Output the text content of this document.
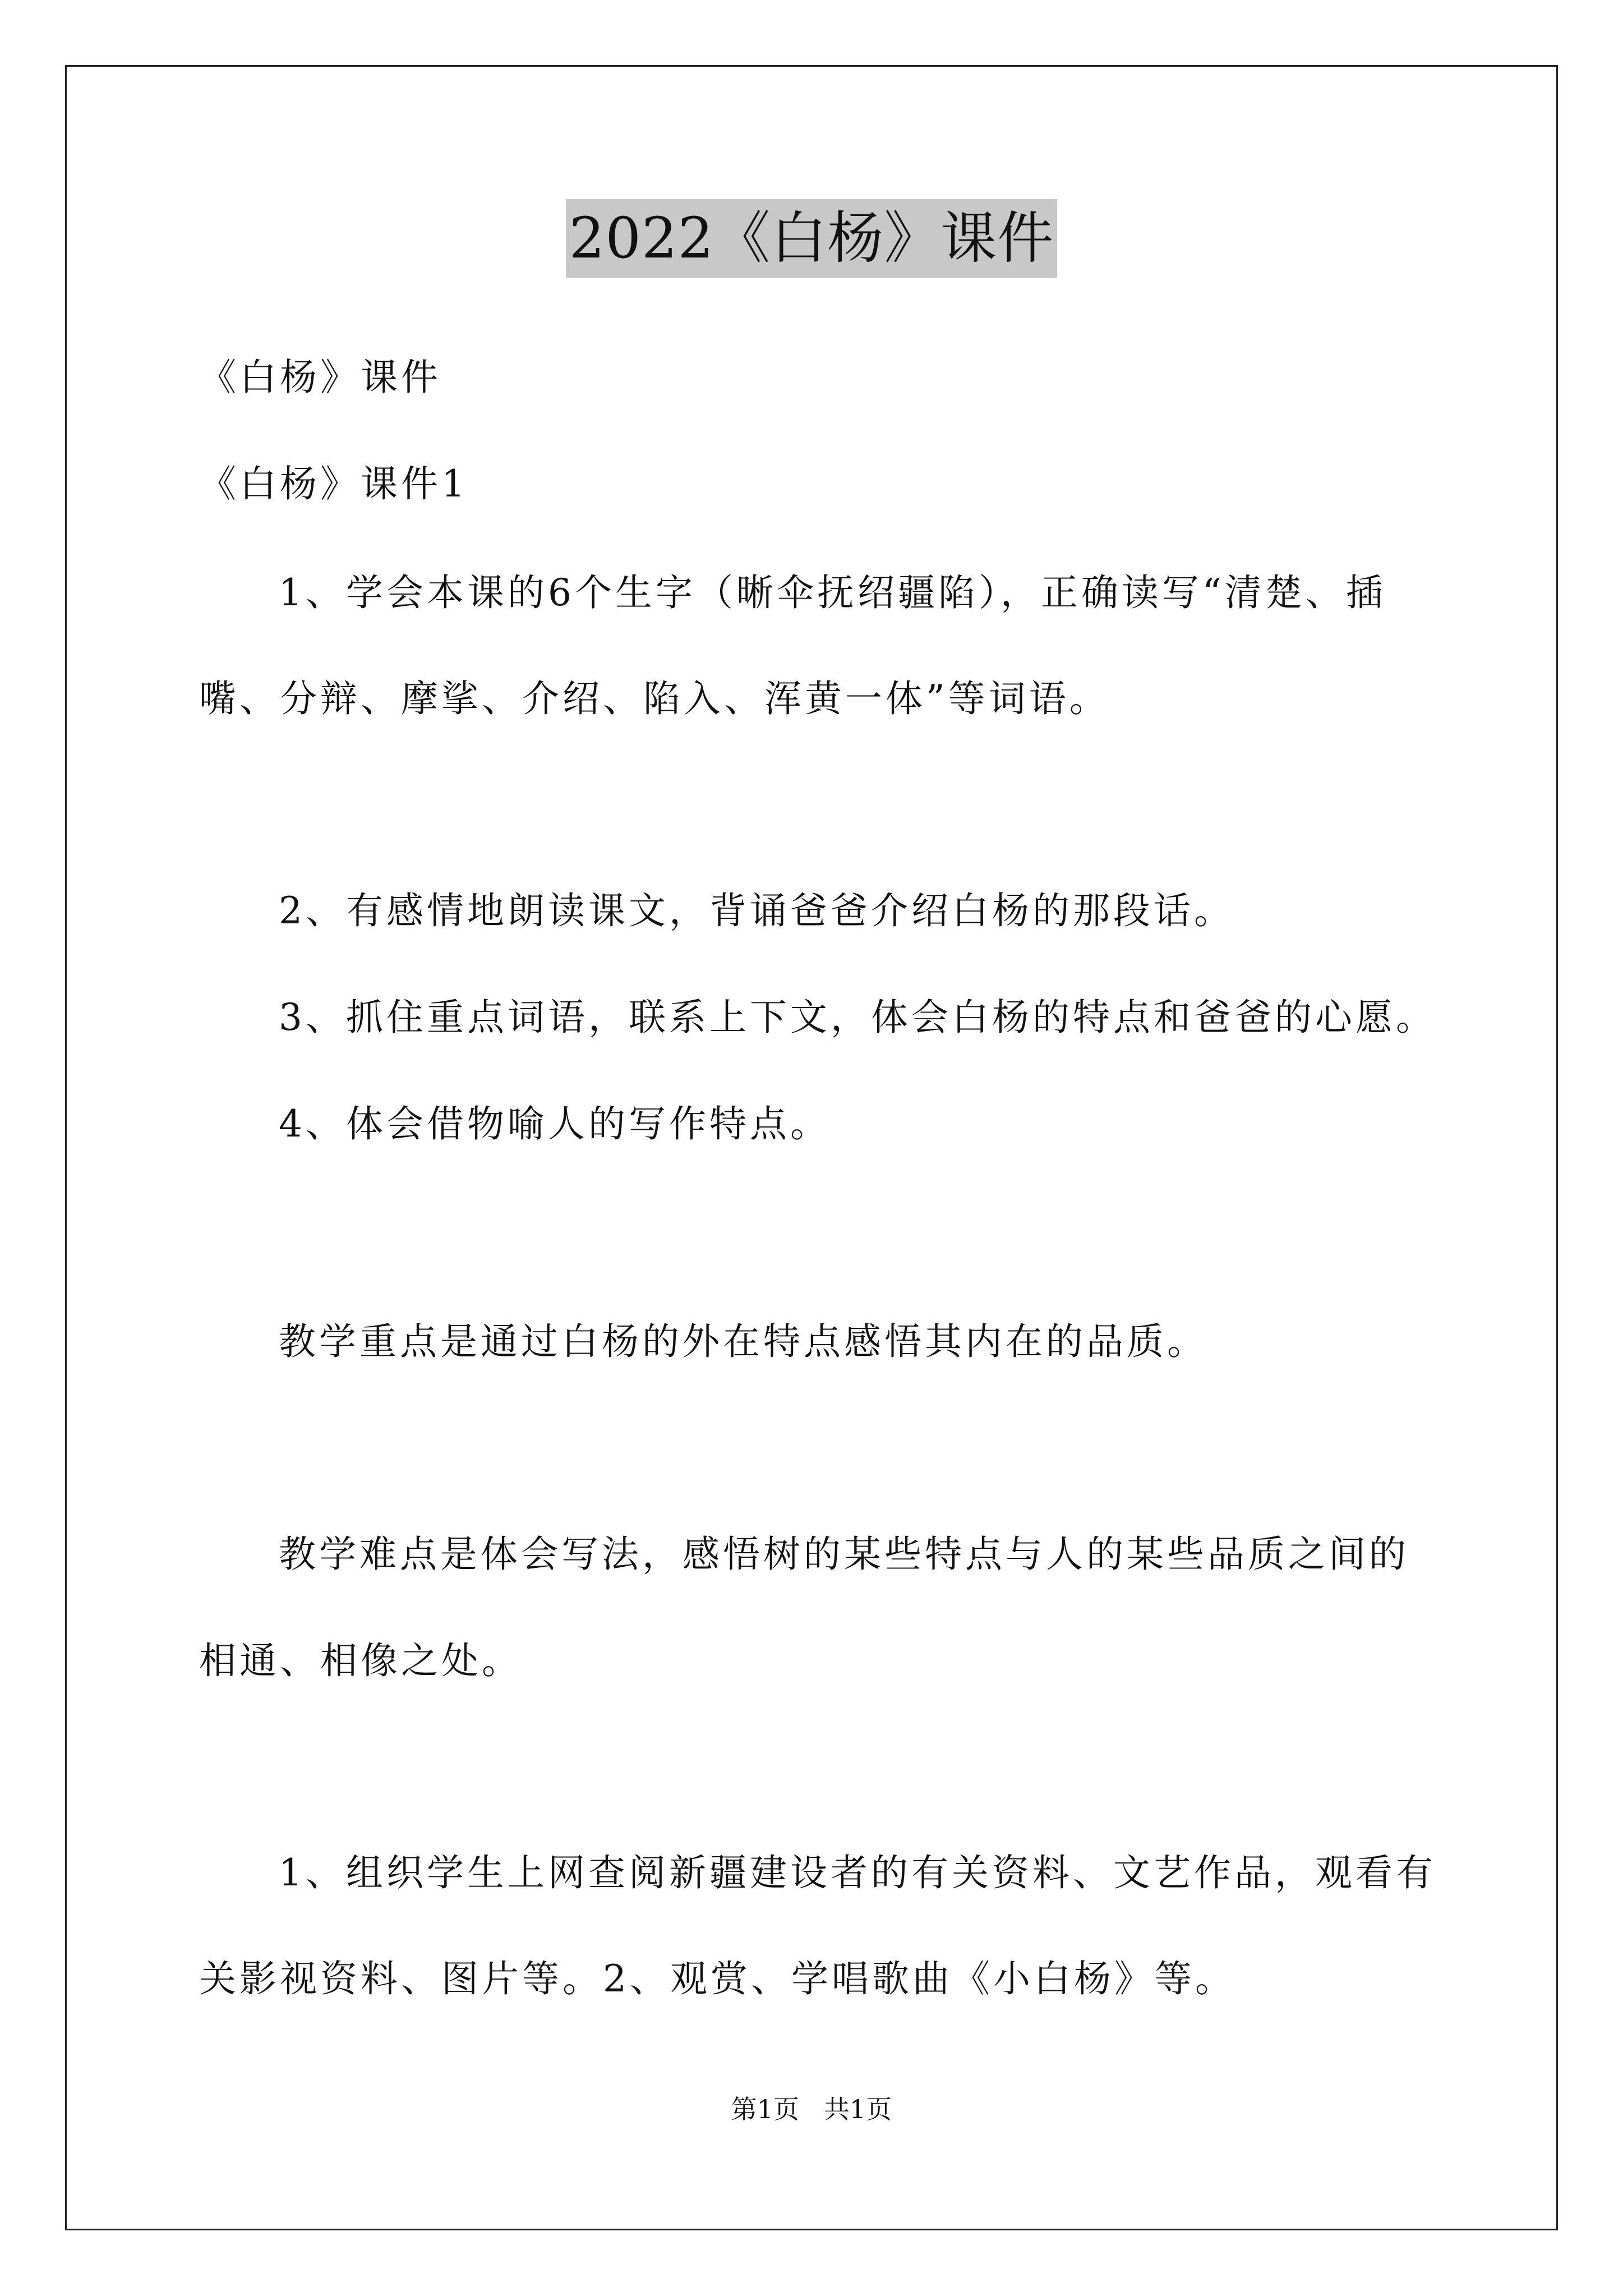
2022《白杨》课件
《白杨》课件
《白杨》课件1
1、学会本课的6个生字（晰伞抚绍疆陷），正确读写“清楚、插
嘴、分辩、摩挲、介绍、陷入、浑黄一体”等词语。
2、有感情地朗读课文，背诵爸爸介绍白杨的那段话。
3、抓住重点词语，联系上下文，体会白杨的特点和爸爸的心愿。
4、体会借物喻人的写作特点。
教学重点是通过白杨的外在特点感悟其内在的品质。
教学难点是体会写法，感悟树的某些特点与人的某些品质之间的
相通、相像之处。
1、组织学生上网查阅新疆建设者的有关资料、文艺作品，观看有
关影视资料、图片等。2、观赏、学唱歌曲《小白杨》等。
第1页   共1页
